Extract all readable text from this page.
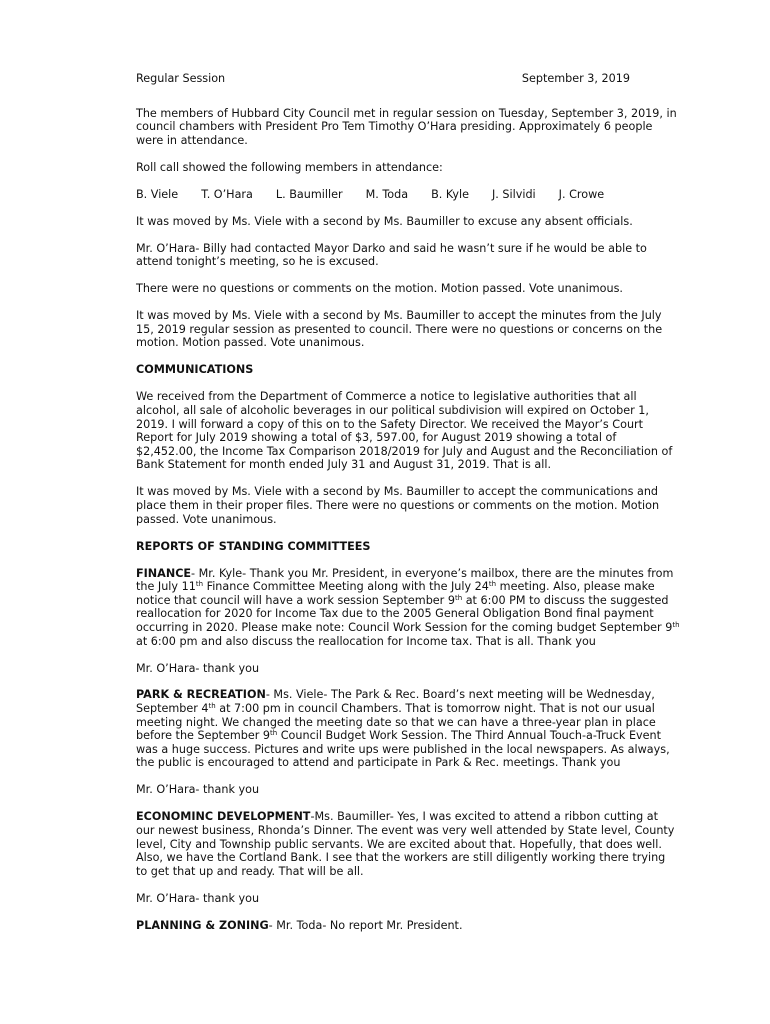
Regular Session	September 3, 2019

The members of Hubbard City Council met in regular session on Tuesday, September 3, 2019, in council chambers with President Pro Tem Timothy O’Hara presiding. Approximately 6 people were in attendance.

Roll call showed the following members in attendance:

B. Viele T. O’Hara L. Baumiller M. Toda B. Kyle J. Silvidi J. Crowe

It was moved by Ms. Viele with a second by Ms. Baumiller to excuse any absent officials.

Mr. O’Hara- Billy had contacted Mayor Darko and said he wasn’t sure if he would be able to attend tonight’s meeting, so he is excused.

There were no questions or comments on the motion. Motion passed. Vote unanimous.

It was moved by Ms. Viele with a second by Ms. Baumiller to accept the minutes from the July 15, 2019 regular session as presented to council. There were no questions or concerns on the motion. Motion passed. Vote unanimous.

COMMUNICATIONS

We received from the Department of Commerce a notice to legislative authorities that all alcohol, all sale of alcoholic beverages in our political subdivision will expired on October 1, 2019. I will forward a copy of this on to the Safety Director. We received the Mayor’s Court Report for July 2019 showing a total of $3, 597.00, for August 2019 showing a total of $2,452.00, the Income Tax Comparison 2018/2019 for July and August and the Reconciliation of Bank Statement for month ended July 31 and August 31, 2019. That is all.

It was moved by Ms. Viele with a second by Ms. Baumiller to accept the communications and place them in their proper files. There were no questions or comments on the motion. Motion passed. Vote unanimous.

REPORTS OF STANDING COMMITTEES

FINANCE- Mr. Kyle- Thank you Mr. President, in everyone’s mailbox, there are the minutes from the July 11th Finance Committee Meeting along with the July 24th meeting. Also, please make notice that council will have a work session September 9th at 6:00 PM to discuss the suggested reallocation for 2020 for Income Tax due to the 2005 General Obligation Bond final payment occurring in 2020. Please make note: Council Work Session for the coming budget September 9th at 6:00 pm and also discuss the reallocation for Income tax. That is all. Thank you

Mr. O’Hara- thank you

PARK & RECREATION- Ms. Viele- The Park & Rec. Board’s next meeting will be Wednesday, September 4th at 7:00 pm in council Chambers. That is tomorrow night. That is not our usual meeting night. We changed the meeting date so that we can have a three-year plan in place before the September 9th Council Budget Work Session. The Third Annual Touch-a-Truck Event was a huge success. Pictures and write ups were published in the local newspapers. As always, the public is encouraged to attend and participate in Park & Rec. meetings. Thank you

Mr. O’Hara- thank you

ECONOMINC DEVELOPMENT-Ms. Baumiller- Yes, I was excited to attend a ribbon cutting at our newest business, Rhonda’s Dinner. The event was very well attended by State level, County level, City and Township public servants. We are excited about that. Hopefully, that does well. Also, we have the Cortland Bank. I see that the workers are still diligently working there trying to get that up and ready. That will be all.

Mr. O’Hara- thank you

PLANNING & ZONING- Mr. Toda- No report Mr. President.
